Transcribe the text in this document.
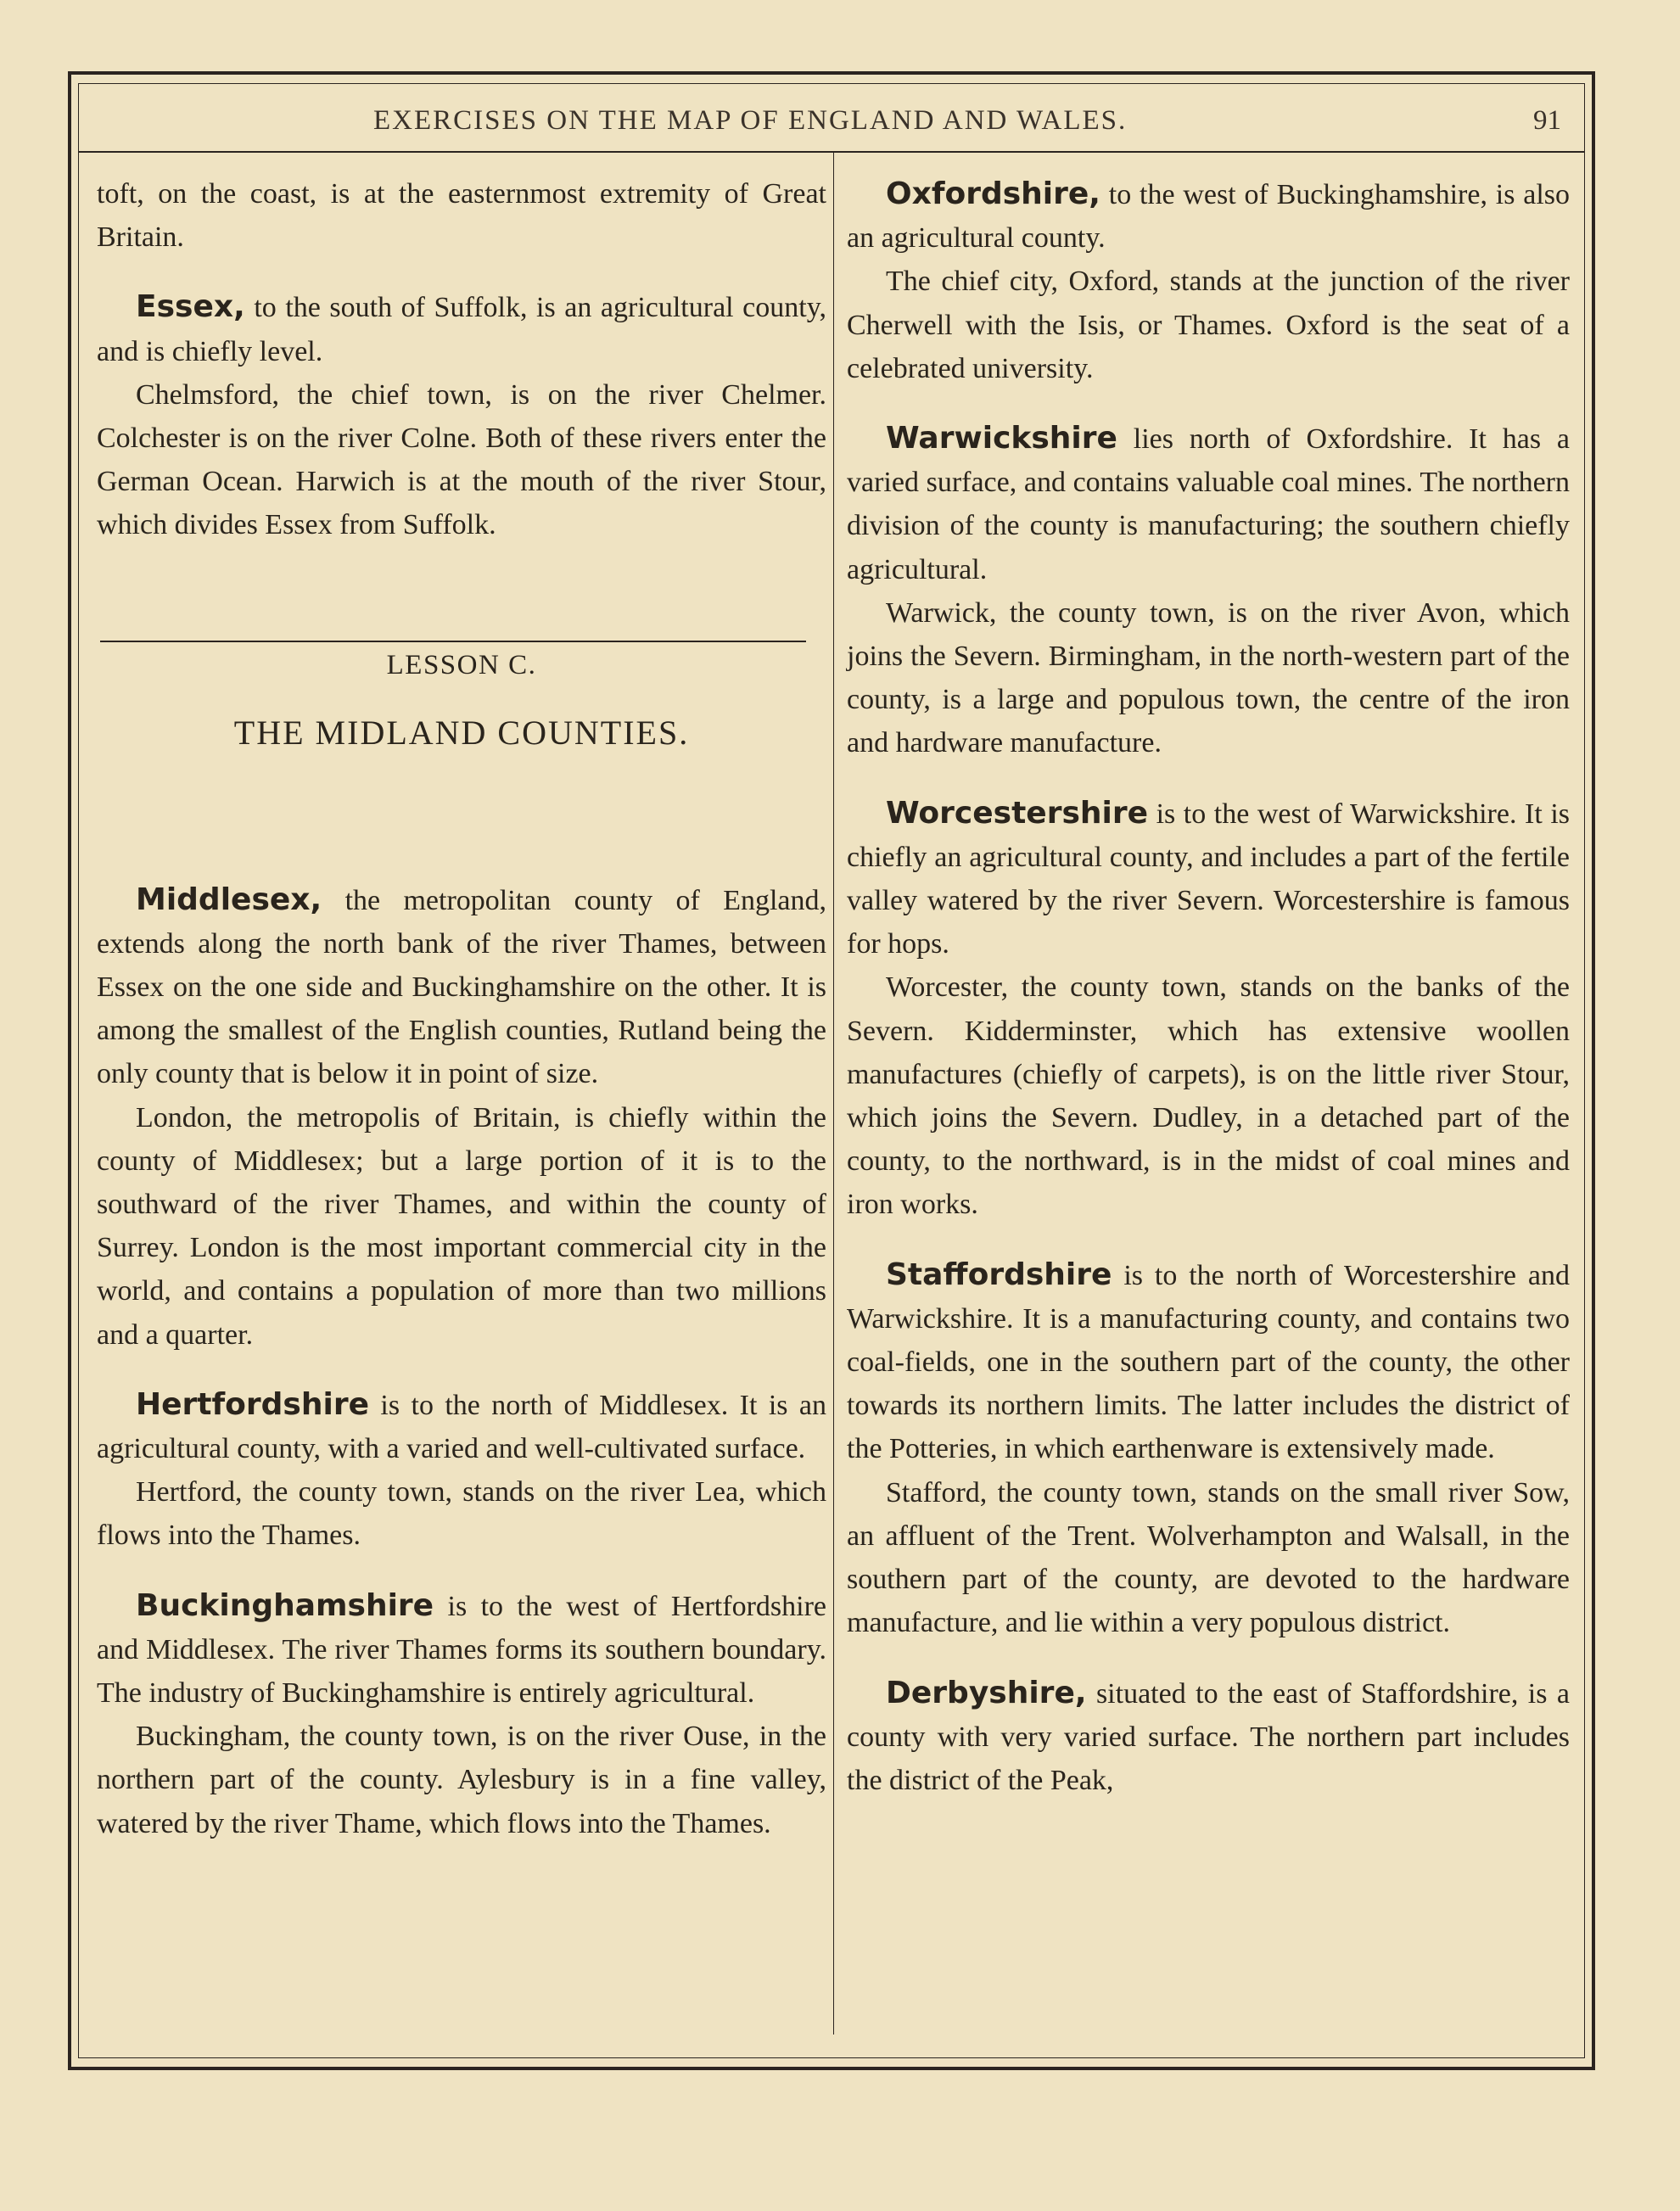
EXERCISES ON THE MAP OF ENGLAND AND WALES.	91

toft, on the coast, is at the easternmost extremity of Great Britain.

Essex, to the south of Suffolk, is an agricultural county, and is chiefly level.

Chelmsford, the chief town, is on the river Chelmer. Colchester is on the river Colne. Both of these rivers enter the German Ocean. Harwich is at the mouth of the river Stour, which divides Essex from Suffolk.

LESSON C.
THE MIDLAND COUNTIES.

Middlesex, the metropolitan county of England, extends along the north bank of the river Thames, between Essex on the one side and Buckinghamshire on the other. It is among the smallest of the English counties, Rutland being the only county that is below it in point of size.

London, the metropolis of Britain, is chiefly within the county of Middlesex; but a large portion of it is to the southward of the river Thames, and within the county of Surrey. London is the most important commercial city in the world, and contains a population of more than two millions and a quarter.

Hertfordshire is to the north of Middlesex. It is an agricultural county, with a varied and well-cultivated surface.

Hertford, the county town, stands on the river Lea, which flows into the Thames.

Buckinghamshire is to the west of Hertfordshire and Middlesex. The river Thames forms its southern boundary. The industry of Buckinghamshire is entirely agricultural.

Buckingham, the county town, is on the river Ouse, in the northern part of the county. Aylesbury is in a fine valley, watered by the river Thame, which flows into the Thames.

Oxfordshire, to the west of Buckinghamshire, is also an agricultural county.

The chief city, Oxford, stands at the junction of the river Cherwell with the Isis, or Thames. Oxford is the seat of a celebrated university.

Warwickshire lies north of Oxfordshire. It has a varied surface, and contains valuable coal mines. The northern division of the county is manufacturing; the southern chiefly agricultural.

Warwick, the county town, is on the river Avon, which joins the Severn. Birmingham, in the north-western part of the county, is a large and populous town, the centre of the iron and hardware manufacture.

Worcestershire is to the west of Warwickshire. It is chiefly an agricultural county, and includes a part of the fertile valley watered by the river Severn. Worcestershire is famous for hops.

Worcester, the county town, stands on the banks of the Severn. Kidderminster, which has extensive woollen manufactures (chiefly of carpets), is on the little river Stour, which joins the Severn. Dudley, in a detached part of the county, to the northward, is in the midst of coal mines and iron works.

Staffordshire is to the north of Worcestershire and Warwickshire. It is a manufacturing county, and contains two coal-fields, one in the southern part of the county, the other towards its northern limits. The latter includes the district of the Potteries, in which earthenware is extensively made.

Stafford, the county town, stands on the small river Sow, an affluent of the Trent. Wolverhampton and Walsall, in the southern part of the county, are devoted to the hardware manufacture, and lie within a very populous district.

Derbyshire, situated to the east of Staffordshire, is a county with very varied surface. The northern part includes the district of the Peak,
